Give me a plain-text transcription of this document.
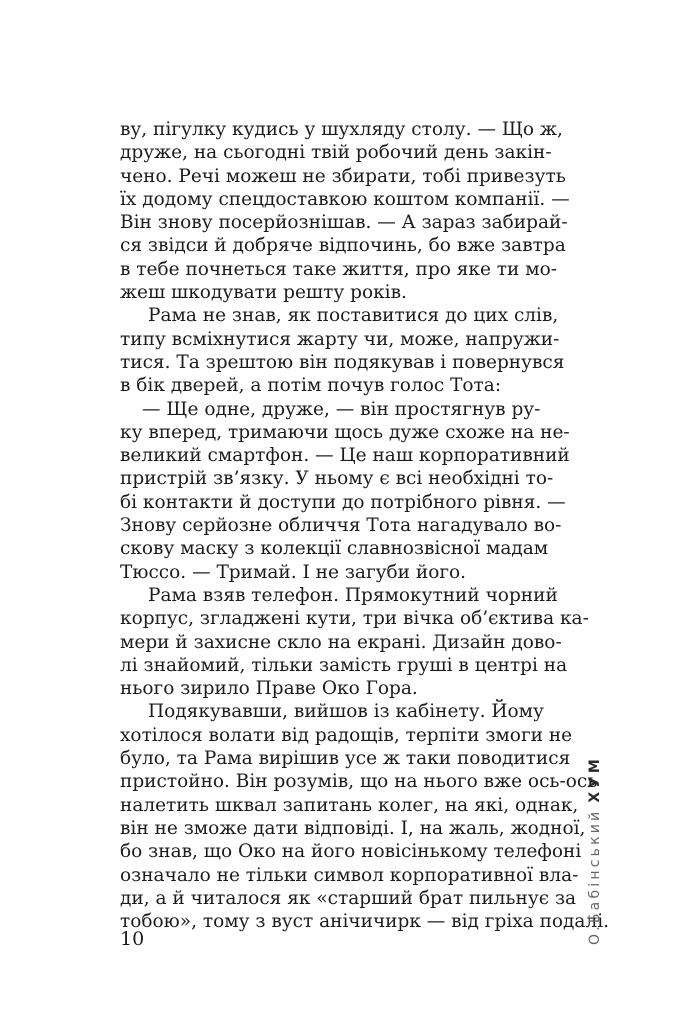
ву, пігулку кудись у шухляду столу. — Що ж,
друже, на сьогодні твій робочий день закін-
чено. Речі можеш не збирати, тобі привезуть
їх додому спецдоставкою коштом компанії. —
Він знову посерйознішав. — А зараз забирай-
ся звідси й добряче відпочинь, бо вже завтра
в тебе почнеться таке життя, про яке ти мо-
жеш шкодувати решту років.
Рама не знав, як поставитися до цих слів,
типу всміхнутися жарту чи, може, напружи-
тися. Та зрештою він подякував і повернувся
в бік дверей, а потім почув голос Тота:
— Ще одне, друже, — він простягнув ру-
ку вперед, тримаючи щось дуже схоже на не-
великий смартфон. — Це наш корпоративний
пристрій зв’язку. У ньому є всі необхідні то-
бі контакти й доступи до потрібного рівня. —
Знову серйозне обличчя Тота нагадувало во-
скову маску з колекції славнозвісної мадам
Тюссо. — Тримай. І не загуби його.
Рама взяв телефон. Прямокутний чорний
корпус, згладжені кути, три вічка об’єктива ка-
мери й захисне скло на екрані. Дизайн дово-
лі знайомий, тільки замість груші в центрі на
нього зирило Праве Око Гора.
Подякувавши, вийшов із кабінету. Йому
хотілося волати від радощів, терпіти змоги не
було, та Рама вирішив усе ж таки поводитися
пристойно. Він розумів, що на нього вже ось-ось
налетить шквал запитань колег, на які, однак,
він не зможе дати відповіді. І, на жаль, жодної,
бо знав, що Око на його новісінькому телефоні
означало не тільки символ корпоративної вла-
ди, а й читалося як «старший брат пильнує за
тобою», тому з вуст анічичирк — від гріха подалі.
10	О.БабінськийХУМ
